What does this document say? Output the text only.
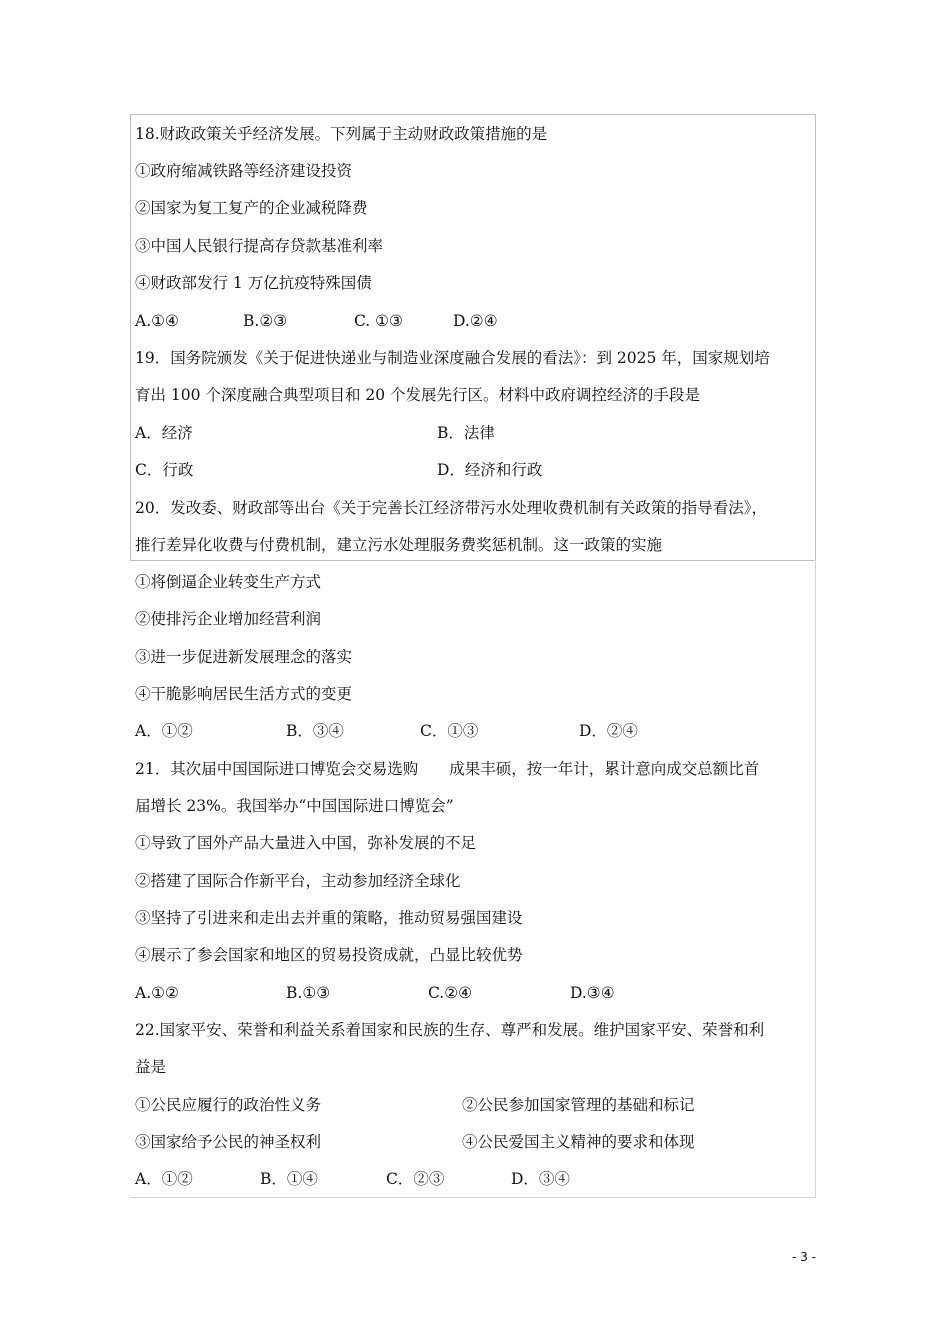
18.财政政策关乎经济发展。下列属于主动财政政策措施的是
①政府缩减铁路等经济建设投资
②国家为复工复产的企业减税降费
③中国人民银行提高存贷款基准利率
④财政部发行 1 万亿抗疫特殊国债
A.①④	B.②③	C. ①③	D.②④
19．国务院颁发《关于促进快递业与制造业深度融合发展的看法》：到 2025 年，国家规划培
育出 100 个深度融合典型项目和 20 个发展先行区。材料中政府调控经济的手段是
A．经济	B．法律
C．行政	D．经济和行政
20．发改委、财政部等出台《关于完善长江经济带污水处理收费机制有关政策的指导看法》，
推行差异化收费与付费机制，建立污水处理服务费奖惩机制。这一政策的实施
①将倒逼企业转变生产方式
②使排污企业增加经营利润
③进一步促进新发展理念的落实
④干脆影响居民生活方式的变更
A．①②	B．③④	C．①③	D．②④
21．其次届中国国际进口博览会交易选购　　成果丰硕，按一年计，累计意向成交总额比首
届增长 23%。我国举办“中国国际进口博览会”
①导致了国外产品大量进入中国，弥补发展的不足
②搭建了国际合作新平台，主动参加经济全球化
③坚持了引进来和走出去并重的策略，推动贸易强国建设
④展示了参会国家和地区的贸易投资成就，凸显比较优势
A.①②	B.①③	C.②④	D.③④
22.国家平安、荣誉和利益关系着国家和民族的生存、尊严和发展。维护国家平安、荣誉和利
益是
①公民应履行的政治性义务	②公民参加国家管理的基础和标记
③国家给予公民的神圣权利	④公民爱国主义精神的要求和体现
A．①②	B．①④	C．②③	D．③④
- 3 -
